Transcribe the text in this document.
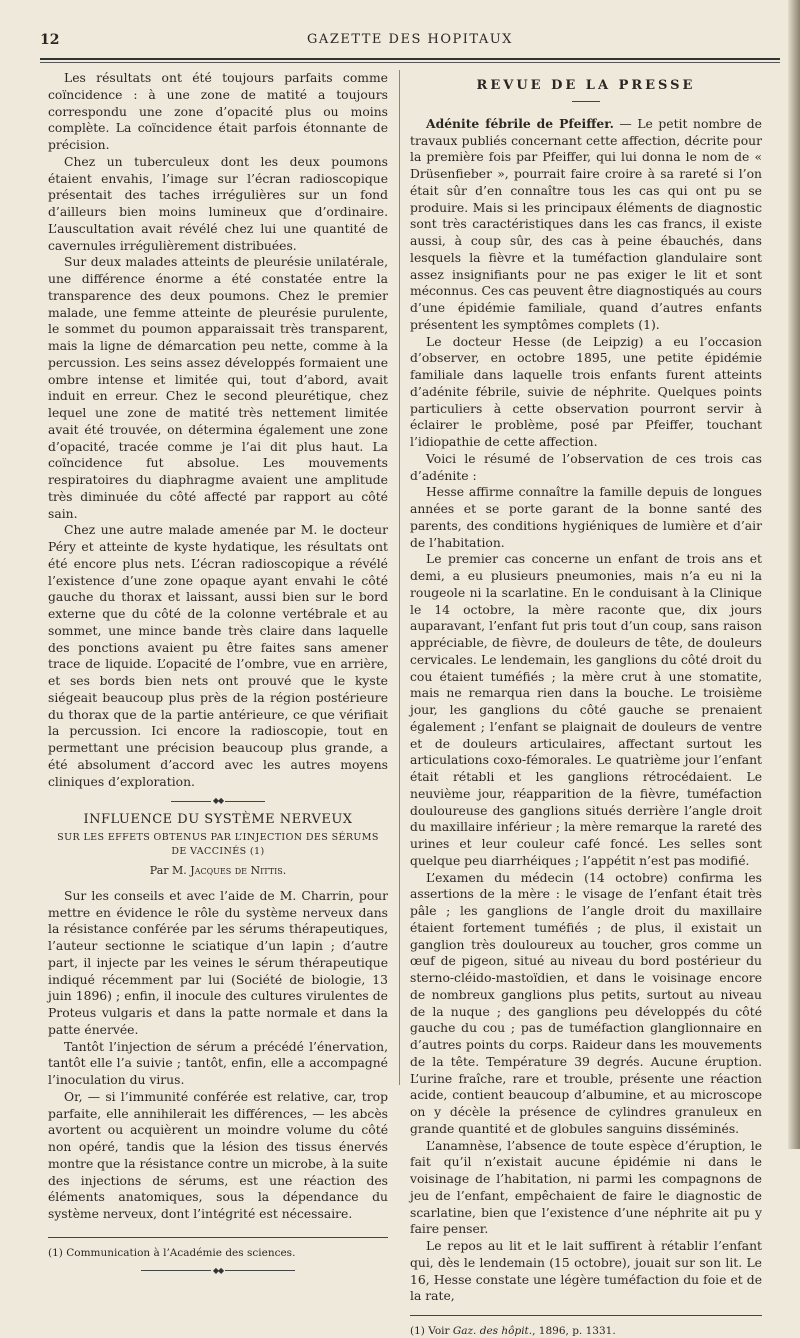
12	GAZETTE DES HOPITAUX

Les résultats ont été toujours parfaits comme coïncidence : à une zone de matité a toujours correspondu une zone d’opacité plus ou moins complète. La coïncidence était parfois étonnante de précision.

Chez un tuberculeux dont les deux poumons étaient envahis, l’image sur l’écran radioscopique présentait des taches irrégulières sur un fond d’ailleurs bien moins lumineux que d’ordinaire. L’auscultation avait révélé chez lui une quantité de cavernules irrégulièrement distribuées.

Sur deux malades atteints de pleurésie unilatérale, une différence énorme a été constatée entre la transparence des deux poumons. Chez le premier malade, une femme atteinte de pleurésie purulente, le sommet du poumon apparaissait très transparent, mais la ligne de démarcation peu nette, comme à la percussion. Les seins assez développés formaient une ombre intense et limitée qui, tout d’abord, avait induit en erreur. Chez le second pleurétique, chez lequel une zone de matité très nettement limitée avait été trouvée, on détermina également une zone d’opacité, tracée comme je l’ai dit plus haut. La coïncidence fut absolue. Les mouvements respiratoires du diaphragme avaient une amplitude très diminuée du côté affecté par rapport au côté sain.

Chez une autre malade amenée par M. le docteur Péry et atteinte de kyste hydatique, les résultats ont été encore plus nets. L’écran radioscopique a révélé l’existence d’une zone opaque ayant envahi le côté gauche du thorax et laissant, aussi bien sur le bord externe que du côté de la colonne vertébrale et au sommet, une mince bande très claire dans laquelle des ponctions avaient pu être faites sans amener trace de liquide. L’opacité de l’ombre, vue en arrière, et ses bords bien nets ont prouvé que le kyste siégeait beaucoup plus près de la région postérieure du thorax que de la partie antérieure, ce que vérifiait la percussion. Ici encore la radioscopie, tout en permettant une précision beaucoup plus grande, a été absolument d’accord avec les autres moyens cliniques d’exploration.

◆◆
INFLUENCE DU SYSTÈME NERVEUX
SUR LES EFFETS OBTENUS PAR L’INJECTION DES SÉRUMS DE VACCINÉS (1)
Par M. Jacques de Nittis.

Sur les conseils et avec l’aide de M. Charrin, pour mettre en évidence le rôle du système nerveux dans la résistance conférée par les sérums thérapeutiques, l’auteur sectionne le sciatique d’un lapin ; d’autre part, il injecte par les veines le sérum thérapeutique indiqué récemment par lui (Société de biologie, 13 juin 1896) ; enfin, il inocule des cultures virulentes de Proteus vulgaris et dans la patte normale et dans la patte énervée.

Tantôt l’injection de sérum a précédé l’énervation, tantôt elle l’a suivie ; tantôt, enfin, elle a accompagné l’inoculation du virus.

Or, — si l’immunité conférée est relative, car, trop parfaite, elle annihilerait les différences, — les abcès avortent ou acquièrent un moindre volume du côté non opéré, tandis que la lésion des tissus énervés montre que la résistance contre un microbe, à la suite des injections de sérums, est une réaction des éléments anatomiques, sous la dépendance du système nerveux, dont l’intégrité est nécessaire.

(1) Communication à l’Académie des sciences.

◆◆
REVUE DE LA PRESSE

Adénite fébrile de Pfeiffer. — Le petit nombre de travaux publiés concernant cette affection, décrite pour la première fois par Pfeiffer, qui lui donna le nom de « Drüsenfieber », pourrait faire croire à sa rareté si l’on était sûr d’en connaître tous les cas qui ont pu se produire. Mais si les principaux éléments de diagnostic sont très caractéristiques dans les cas francs, il existe aussi, à coup sûr, des cas à peine ébauchés, dans lesquels la fièvre et la tuméfaction glandulaire sont assez insignifiants pour ne pas exiger le lit et sont méconnus. Ces cas peuvent être diagnostiqués au cours d’une épidémie familiale, quand d’autres enfants présentent les symptômes complets (1).

Le docteur Hesse (de Leipzig) a eu l’occasion d’observer, en octobre 1895, une petite épidémie familiale dans laquelle trois enfants furent atteints d’adénite fébrile, suivie de néphrite. Quelques points particuliers à cette observation pourront servir à éclairer le problème, posé par Pfeiffer, touchant l’idiopathie de cette affection.

Voici le résumé de l’observation de ces trois cas d’adénite :

Hesse affirme connaître la famille depuis de longues années et se porte garant de la bonne santé des parents, des conditions hygiéniques de lumière et d’air de l’habitation.

Le premier cas concerne un enfant de trois ans et demi, a eu plusieurs pneumonies, mais n’a eu ni la rougeole ni la scarlatine. En le conduisant à la Clinique le 14 octobre, la mère raconte que, dix jours auparavant, l’enfant fut pris tout d’un coup, sans raison appréciable, de fièvre, de douleurs de tête, de douleurs cervicales. Le lendemain, les ganglions du côté droit du cou étaient tuméfiés ; la mère crut à une stomatite, mais ne remarqua rien dans la bouche. Le troisième jour, les ganglions du côté gauche se prenaient également ; l’enfant se plaignait de douleurs de ventre et de douleurs articulaires, affectant surtout les articulations coxo-fémorales. Le quatrième jour l’enfant était rétabli et les ganglions rétrocédaient. Le neuvième jour, réapparition de la fièvre, tuméfaction douloureuse des ganglions situés derrière l’angle droit du maxillaire inférieur ; la mère remarque la rareté des urines et leur couleur café foncé. Les selles sont quelque peu diarrhéiques ; l’appétit n’est pas modifié.

L’examen du médecin (14 octobre) confirma les assertions de la mère : le visage de l’enfant était très pâle ; les ganglions de l’angle droit du maxillaire étaient fortement tuméfiés ; de plus, il existait un ganglion très douloureux au toucher, gros comme un œuf de pigeon, situé au niveau du bord postérieur du sterno-cléido-mastoïdien, et dans le voisinage encore de nombreux ganglions plus petits, surtout au niveau de la nuque ; des ganglions peu développés du côté gauche du cou ; pas de tuméfaction glanglionnaire en d’autres points du corps. Raideur dans les mouvements de la tête. Température 39 degrés. Aucune éruption. L’urine fraîche, rare et trouble, présente une réaction acide, contient beaucoup d’albumine, et au microscope on y décèle la présence de cylindres granuleux en grande quantité et de globules sanguins disséminés.

L’anamnèse, l’absence de toute espèce d’éruption, le fait qu’il n’existait aucune épidémie ni dans le voisinage de l’habitation, ni parmi les compagnons de jeu de l’enfant, empêchaient de faire le diagnostic de scarlatine, bien que l’existence d’une néphrite ait pu y faire penser.

Le repos au lit et le lait suffirent à rétablir l’enfant qui, dès le lendemain (15 octobre), jouait sur son lit. Le 16, Hesse constate une légère tuméfaction du foie et de la rate,

(1) Voir Gaz. des hôpit., 1896, p. 1331.
